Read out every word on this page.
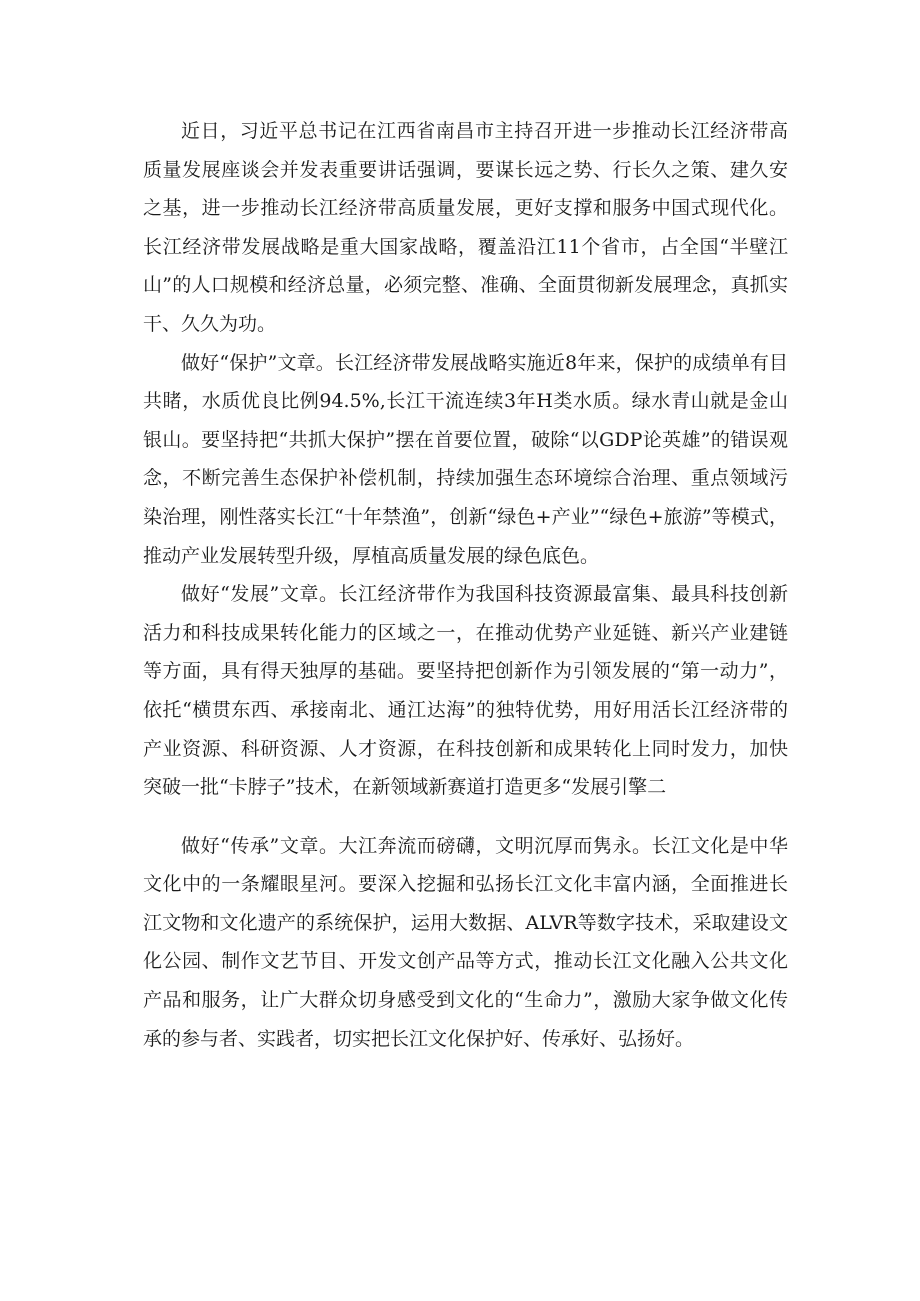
近日，习近平总书记在江西省南昌市主持召开进一步推动长江经济带高质量发展座谈会并发表重要讲话强调，要谋长远之势、行长久之策、建久安之基，进一步推动长江经济带高质量发展，更好支撑和服务中国式现代化。长江经济带发展战略是重大国家战略，覆盖沿江11个省市，占全国“半壁江山”的人口规模和经济总量，必须完整、准确、全面贯彻新发展理念，真抓实干、久久为功。

做好“保护”文章。长江经济带发展战略实施近8年来，保护的成绩单有目共睹，水质优良比例94.5%,长江干流连续3年H类水质。绿水青山就是金山银山。要坚持把“共抓大保护”摆在首要位置，破除“以GDP论英雄”的错误观念，不断完善生态保护补偿机制，持续加强生态环境综合治理、重点领域污染治理，刚性落实长江“十年禁渔”，创新“绿色+产业”“绿色+旅游”等模式，推动产业发展转型升级，厚植高质量发展的绿色底色。

做好“发展”文章。长江经济带作为我国科技资源最富集、最具科技创新活力和科技成果转化能力的区域之一，在推动优势产业延链、新兴产业建链等方面，具有得天独厚的基础。要坚持把创新作为引领发展的“第一动力”，依托“横贯东西、承接南北、通江达海”的独特优势，用好用活长江经济带的产业资源、科研资源、人才资源，在科技创新和成果转化上同时发力，加快突破一批“卡脖子”技术，在新领域新赛道打造更多“发展引擎二

做好“传承”文章。大江奔流而磅礴，文明沉厚而隽永。长江文化是中华文化中的一条耀眼星河。要深入挖掘和弘扬长江文化丰富内涵，全面推进长江文物和文化遗产的系统保护，运用大数据、ALVR等数字技术，采取建设文化公园、制作文艺节目、开发文创产品等方式，推动长江文化融入公共文化产品和服务，让广大群众切身感受到文化的“生命力”，激励大家争做文化传承的参与者、实践者，切实把长江文化保护好、传承好、弘扬好。
